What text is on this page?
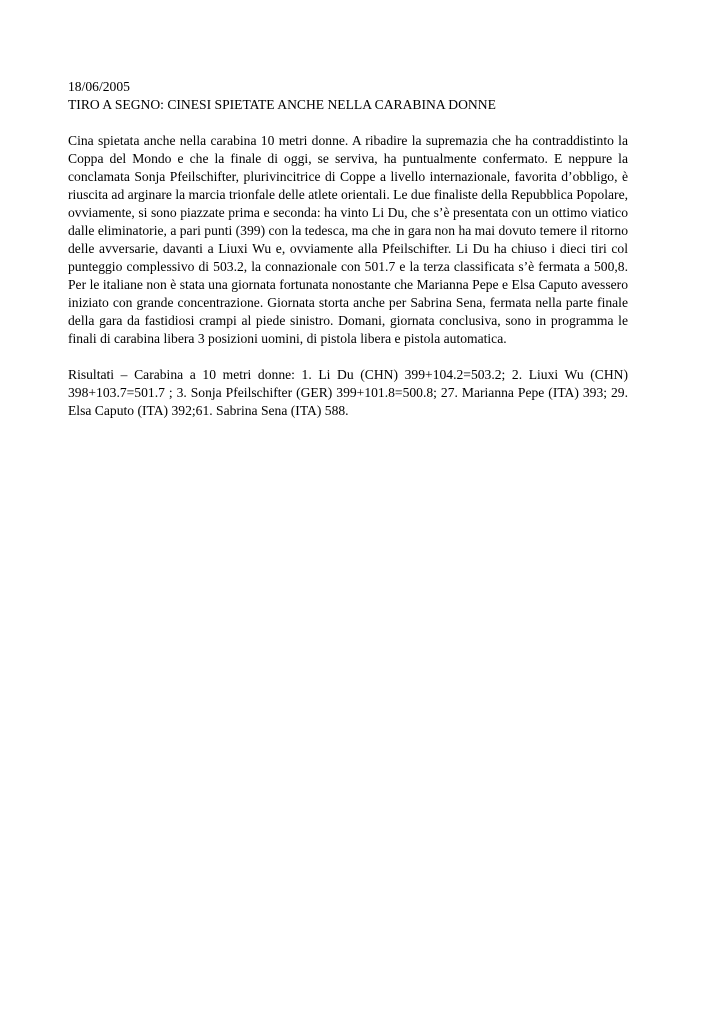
18/06/2005
TIRO A SEGNO: CINESI SPIETATE ANCHE NELLA CARABINA DONNE

Cina spietata anche nella carabina 10 metri donne. A ribadire la supremazia che ha contraddistinto la Coppa del Mondo e che la finale di oggi, se serviva, ha puntualmente confermato. E neppure la conclamata Sonja Pfeilschifter, plurivincitrice di Coppe a livello internazionale, favorita d’obbligo, è riuscita ad arginare la marcia trionfale delle atlete orientali. Le due finaliste della Repubblica Popolare, ovviamente, si sono piazzate prima e seconda: ha vinto Li Du, che s’è presentata con un ottimo viatico dalle eliminatorie, a pari punti (399) con la tedesca, ma che in gara non ha mai dovuto temere il ritorno delle avversarie, davanti a Liuxi Wu e, ovviamente alla Pfeilschifter. Li Du ha chiuso i dieci tiri col punteggio complessivo di 503.2, la connazionale con 501.7 e la terza classificata s’è fermata a 500,8. Per le italiane non è stata una giornata fortunata nonostante che Marianna Pepe e Elsa Caputo avessero iniziato con grande concentrazione. Giornata storta anche per Sabrina Sena, fermata nella parte finale della gara da fastidiosi crampi al piede sinistro. Domani, giornata conclusiva, sono in programma le finali di carabina libera 3 posizioni uomini, di pistola libera e pistola automatica.

Risultati – Carabina a 10 metri donne: 1. Li Du (CHN) 399+104.2=503.2; 2. Liuxi Wu (CHN) 398+103.7=501.7 ; 3. Sonja Pfeilschifter (GER) 399+101.8=500.8; 27. Marianna Pepe (ITA) 393; 29. Elsa Caputo (ITA) 392;61. Sabrina Sena (ITA) 588.
